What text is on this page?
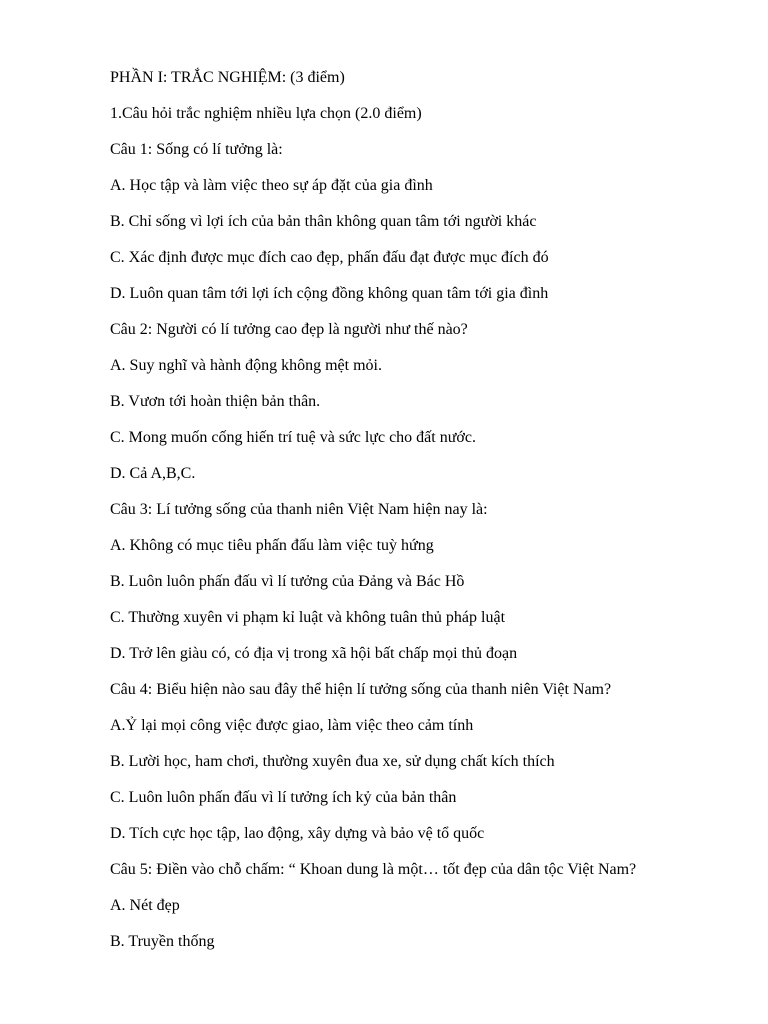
PHẦN I: TRẮC NGHIỆM: (3 điểm)
1.Câu hỏi trắc nghiệm nhiều lựa chọn (2.0 điểm)
Câu 1: Sống có lí tưởng là:
A. Học tập và làm việc theo sự áp đặt của gia đình
B. Chỉ sống vì lợi ích của bản thân không quan tâm tới người khác
C. Xác định được mục đích cao đẹp, phấn đấu đạt được mục đích đó
D. Luôn quan tâm tới lợi ích cộng đồng không quan tâm tới gia đình
Câu 2: Người có lí tưởng cao đẹp là người như thế nào?
A. Suy nghĩ và hành động không mệt mỏi.
B. Vươn tới hoàn thiện bản thân.
C. Mong muốn cống hiến trí tuệ và sức lực cho đất nước.
D. Cả A,B,C.
Câu 3: Lí tưởng sống của thanh niên Việt Nam hiện nay là:
A. Không có mục tiêu phấn đấu làm việc tuỳ hứng
B. Luôn luôn phấn đấu vì lí tưởng của Đảng và Bác Hồ
C. Thường xuyên vi phạm kỉ luật và không tuân thủ pháp luật
D. Trở lên giàu có, có địa vị trong xã hội bất chấp mọi thủ đoạn
Câu 4: Biểu hiện nào sau đây thể hiện lí tưởng sống của thanh niên Việt Nam?
A.Ỷ lại mọi công việc được giao, làm việc theo cảm tính
B. Lười học, ham chơi, thường xuyên đua xe, sử dụng chất kích thích
C. Luôn luôn phấn đấu vì lí tưởng ích kỷ của bản thân
D. Tích cực học tập, lao động, xây dựng và bảo vệ tổ quốc
Câu 5: Điền vào chỗ chấm: “ Khoan dung là một… tốt đẹp của dân tộc Việt Nam?
A. Nét đẹp
B. Truyền thống
